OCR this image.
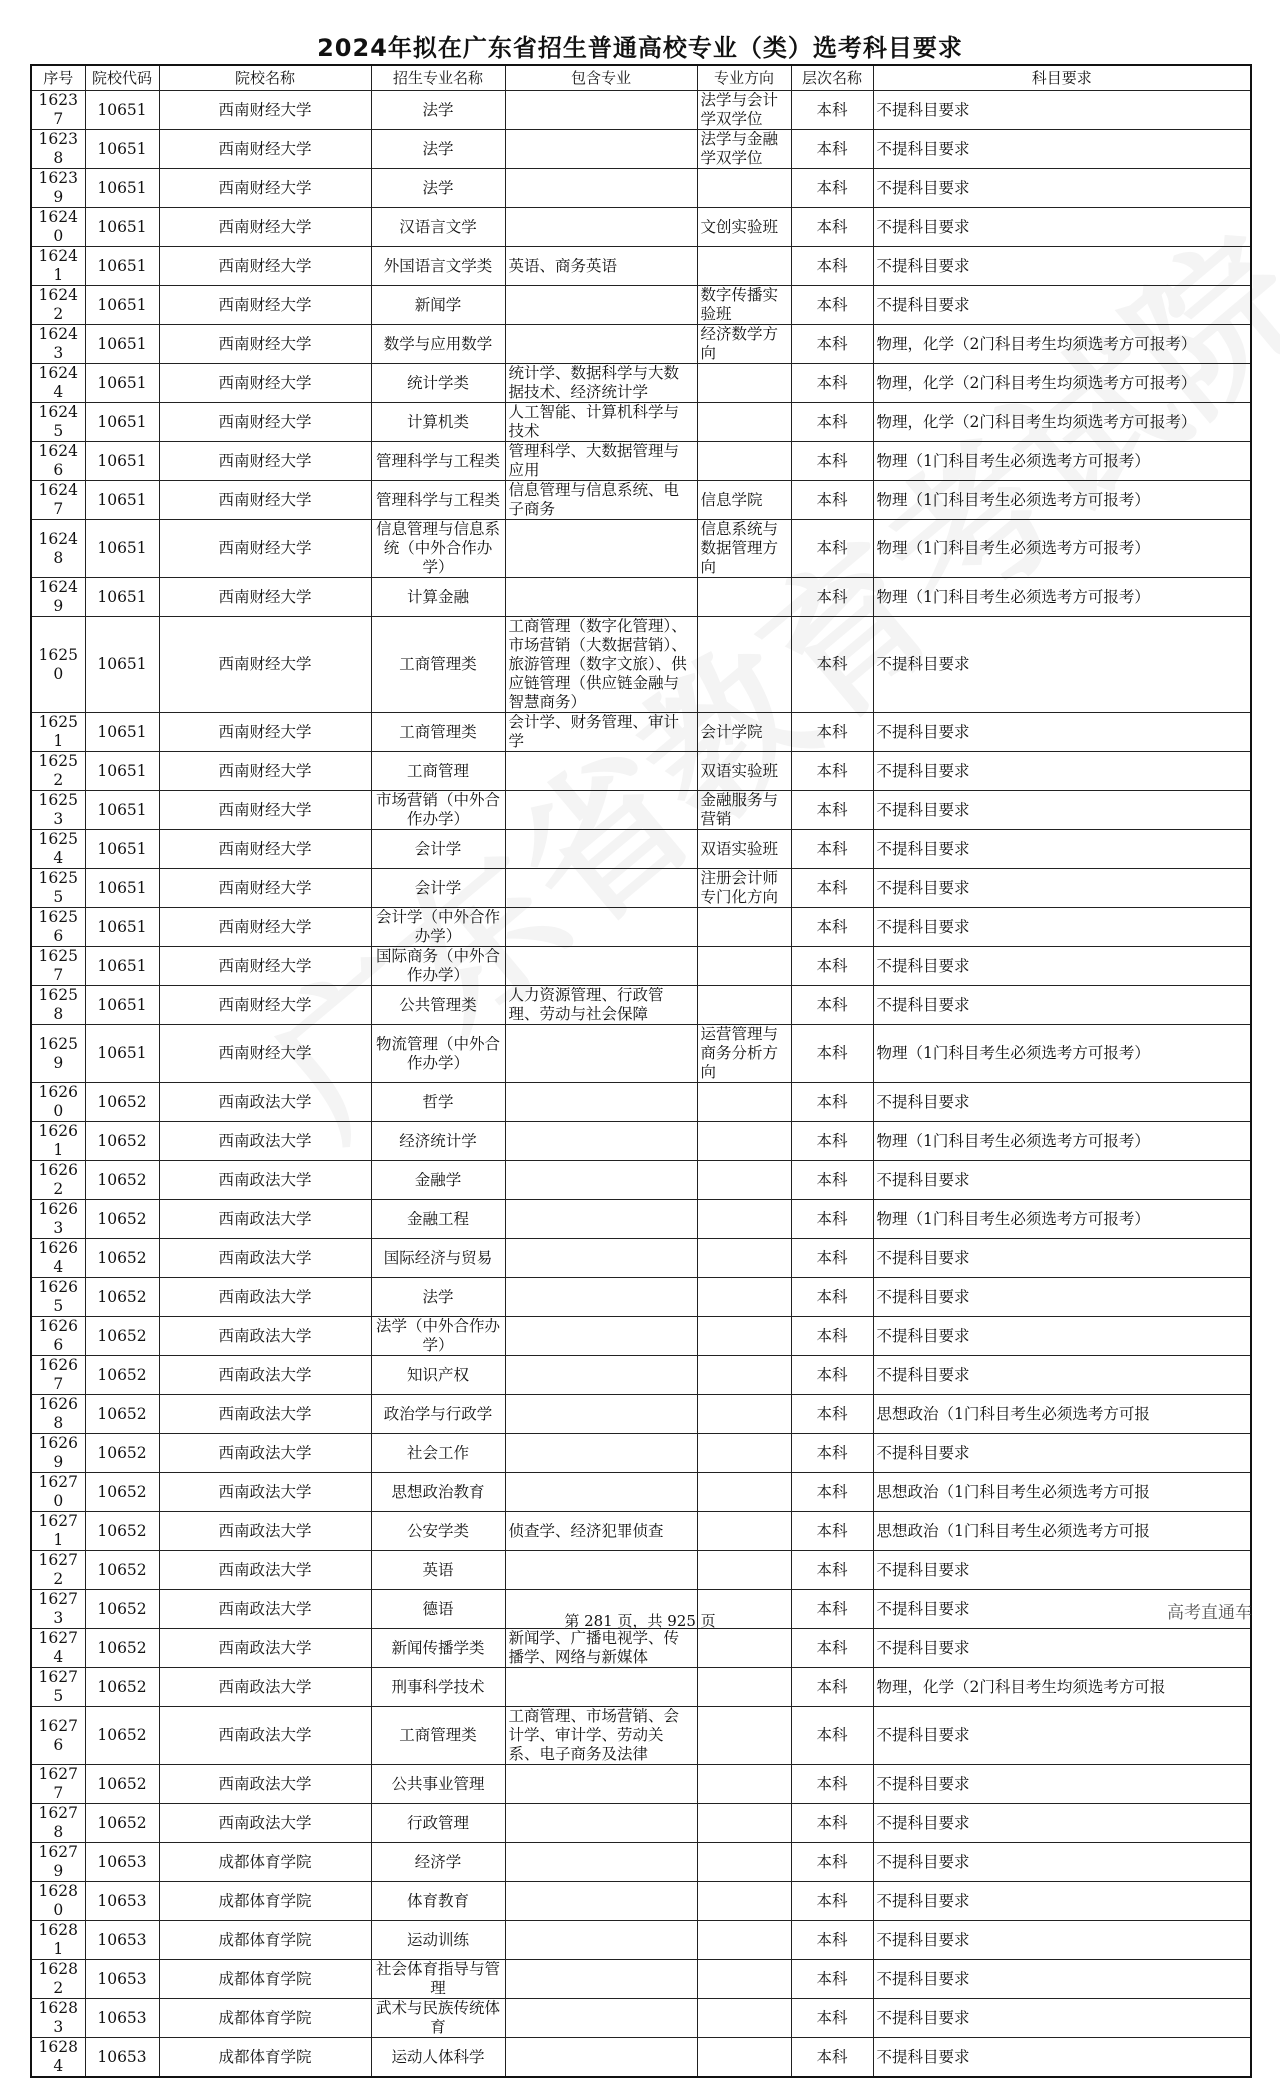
2024年拟在广东省招生普通高校专业（类）选考科目要求
序号	院校代码	院校名称	招生专业名称	包含专业	专业方向	层次名称	科目要求
16237	10651	西南财经大学	法学		法学与会计学双学位	本科	不提科目要求
16238	10651	西南财经大学	法学		法学与金融学双学位	本科	不提科目要求
16239	10651	西南财经大学	法学			本科	不提科目要求
16240	10651	西南财经大学	汉语言文学		文创实验班	本科	不提科目要求
16241	10651	西南财经大学	外国语言文学类	英语、商务英语		本科	不提科目要求
16242	10651	西南财经大学	新闻学		数字传播实验班	本科	不提科目要求
16243	10651	西南财经大学	数学与应用数学		经济数学方向	本科	物理，化学（2门科目考生均须选考方可报考）
16244	10651	西南财经大学	统计学类	统计学、数据科学与大数据技术、经济统计学		本科	物理，化学（2门科目考生均须选考方可报考）
16245	10651	西南财经大学	计算机类	人工智能、计算机科学与技术		本科	物理，化学（2门科目考生均须选考方可报考）
16246	10651	西南财经大学	管理科学与工程类	管理科学、大数据管理与应用		本科	物理（1门科目考生必须选考方可报考）
16247	10651	西南财经大学	管理科学与工程类	信息管理与信息系统、电子商务	信息学院	本科	物理（1门科目考生必须选考方可报考）
16248	10651	西南财经大学	信息管理与信息系统（中外合作办学）		信息系统与数据管理方向	本科	物理（1门科目考生必须选考方可报考）
16249	10651	西南财经大学	计算金融			本科	物理（1门科目考生必须选考方可报考）
16250	10651	西南财经大学	工商管理类	工商管理（数字化管理）、市场营销（大数据营销）、旅游管理（数字文旅）、供应链管理（供应链金融与智慧商务）		本科	不提科目要求
16251	10651	西南财经大学	工商管理类	会计学、财务管理、审计学	会计学院	本科	不提科目要求
16252	10651	西南财经大学	工商管理		双语实验班	本科	不提科目要求
16253	10651	西南财经大学	市场营销（中外合作办学）		金融服务与营销	本科	不提科目要求
16254	10651	西南财经大学	会计学		双语实验班	本科	不提科目要求
16255	10651	西南财经大学	会计学		注册会计师专门化方向	本科	不提科目要求
16256	10651	西南财经大学	会计学（中外合作办学）			本科	不提科目要求
16257	10651	西南财经大学	国际商务（中外合作办学）			本科	不提科目要求
16258	10651	西南财经大学	公共管理类	人力资源管理、行政管理、劳动与社会保障		本科	不提科目要求
16259	10651	西南财经大学	物流管理（中外合作办学）		运营管理与商务分析方向	本科	物理（1门科目考生必须选考方可报考）
16260	10652	西南政法大学	哲学			本科	不提科目要求
16261	10652	西南政法大学	经济统计学			本科	物理（1门科目考生必须选考方可报考）
16262	10652	西南政法大学	金融学			本科	不提科目要求
16263	10652	西南政法大学	金融工程			本科	物理（1门科目考生必须选考方可报考）
16264	10652	西南政法大学	国际经济与贸易			本科	不提科目要求
16265	10652	西南政法大学	法学			本科	不提科目要求
16266	10652	西南政法大学	法学（中外合作办学）			本科	不提科目要求
16267	10652	西南政法大学	知识产权			本科	不提科目要求
16268	10652	西南政法大学	政治学与行政学			本科	思想政治（1门科目考生必须选考方可报
16269	10652	西南政法大学	社会工作			本科	不提科目要求
16270	10652	西南政法大学	思想政治教育			本科	思想政治（1门科目考生必须选考方可报
16271	10652	西南政法大学	公安学类	侦查学、经济犯罪侦查		本科	思想政治（1门科目考生必须选考方可报
16272	10652	西南政法大学	英语			本科	不提科目要求
16273	10652	西南政法大学	德语			本科	不提科目要求
16274	10652	西南政法大学	新闻传播学类	新闻学、广播电视学、传播学、网络与新媒体		本科	不提科目要求
16275	10652	西南政法大学	刑事科学技术			本科	物理，化学（2门科目考生均须选考方可报
16276	10652	西南政法大学	工商管理类	工商管理、市场营销、会计学、审计学、劳动关系、电子商务及法律		本科	不提科目要求
16277	10652	西南政法大学	公共事业管理			本科	不提科目要求
16278	10652	西南政法大学	行政管理			本科	不提科目要求
16279	10653	成都体育学院	经济学			本科	不提科目要求
16280	10653	成都体育学院	体育教育			本科	不提科目要求
16281	10653	成都体育学院	运动训练			本科	不提科目要求
16282	10653	成都体育学院	社会体育指导与管理			本科	不提科目要求
16283	10653	成都体育学院	武术与民族传统体育			本科	不提科目要求
16284	10653	成都体育学院	运动人体科学			本科	不提科目要求
第 281 页，共 925 页	高考直通车
